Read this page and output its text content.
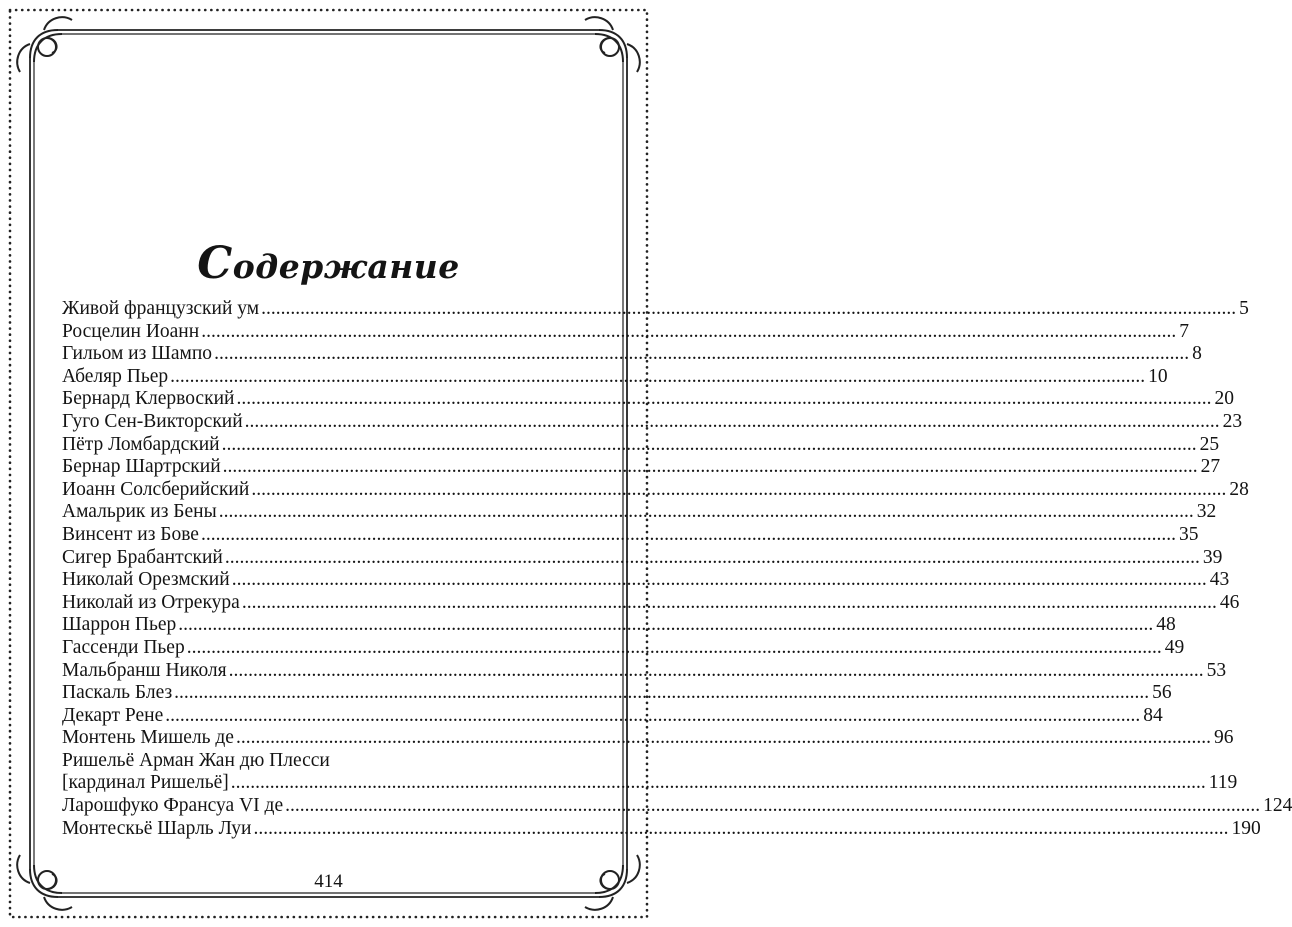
Содержание
Живой французский ум ........................................................................................................................................................................................................ 5
Росцелин Иоанн ........................................................................................................................................................................................................ 7
Гильом из Шампо ........................................................................................................................................................................................................ 8
Абеляр Пьер ........................................................................................................................................................................................................ 10
Бернард Клервоский ........................................................................................................................................................................................................ 20
Гуго Сен-Викторский ........................................................................................................................................................................................................ 23
Пётр Ломбардский ........................................................................................................................................................................................................ 25
Бернар Шартрский ........................................................................................................................................................................................................ 27
Иоанн Солсберийский ........................................................................................................................................................................................................ 28
Амальрик из Бены ........................................................................................................................................................................................................ 32
Винсент из Бове ........................................................................................................................................................................................................ 35
Сигер Брабантский ........................................................................................................................................................................................................ 39
Николай Орезмский ........................................................................................................................................................................................................ 43
Николай из Отрекура ........................................................................................................................................................................................................ 46
Шаррон Пьер ........................................................................................................................................................................................................ 48
Гассенди Пьер ........................................................................................................................................................................................................ 49
Мальбранш Николя ........................................................................................................................................................................................................ 53
Паскаль Блез ........................................................................................................................................................................................................ 56
Декарт Рене ........................................................................................................................................................................................................ 84
Монтень Мишель де ........................................................................................................................................................................................................ 96
Ришельё Арман Жан дю Плесси
[кардинал Ришельё] ........................................................................................................................................................................................................ 119
Ларошфуко Франсуа VI де ........................................................................................................................................................................................................ 124
Монтескьё Шарль Луи ........................................................................................................................................................................................................ 190
414
